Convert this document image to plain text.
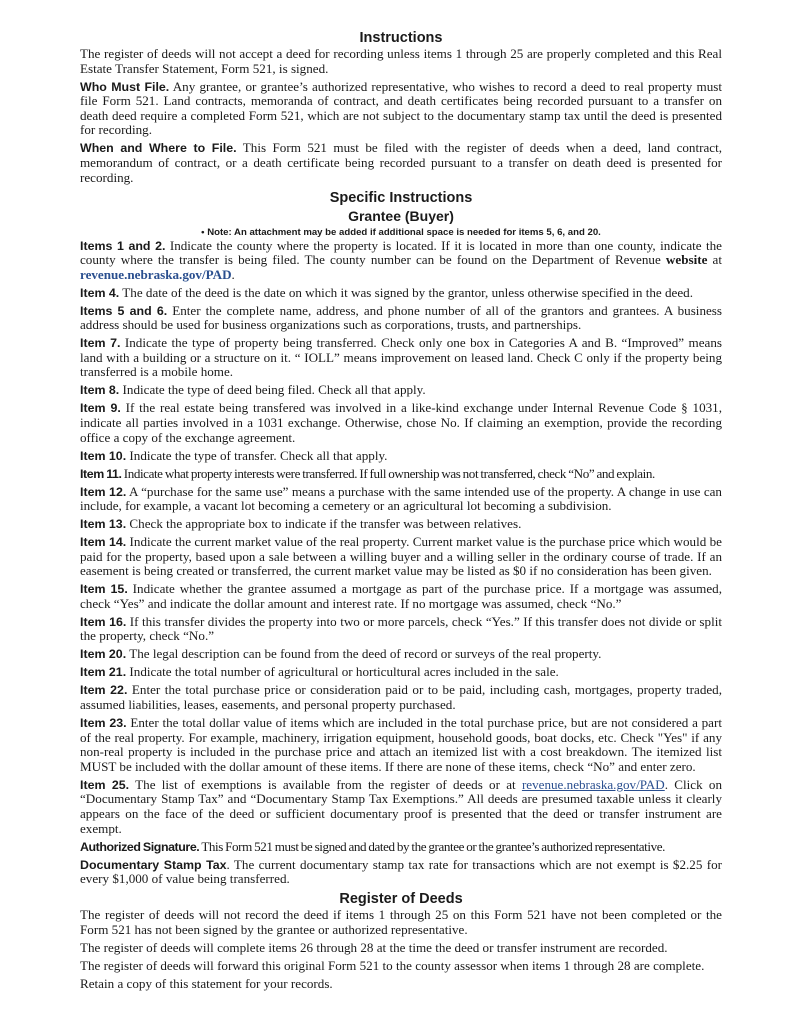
Instructions

The register of deeds will not accept a deed for recording unless items 1 through 25 are properly completed and this Real Estate Transfer Statement, Form 521, is signed.

Who Must File. Any grantee, or grantee’s authorized representative, who wishes to record a deed to real property must file Form 521. Land contracts, memoranda of contract, and death certificates being recorded pursuant to a transfer on death deed require a completed Form 521, which are not subject to the documentary stamp tax until the deed is presented for recording.

When and Where to File. This Form 521 must be filed with the register of deeds when a deed, land contract, memorandum of contract, or a death certificate being recorded pursuant to a transfer on death deed is presented for recording.

Specific Instructions
Grantee (Buyer)
• Note: An attachment may be added if additional space is needed for items 5, 6, and 20.

Items 1 and 2. Indicate the county where the property is located. If it is located in more than one county, indicate the county where the transfer is being filed. The county number can be found on the Department of Revenue website at revenue.nebraska.gov/PAD.

Item 4. The date of the deed is the date on which it was signed by the grantor, unless otherwise specified in the deed.

Items 5 and 6. Enter the complete name, address, and phone number of all of the grantors and grantees. A business address should be used for business organizations such as corporations, trusts, and partnerships.

Item 7. Indicate the type of property being transferred. Check only one box in Categories A and B. “Improved” means land with a building or a structure on it. “ IOLL” means improvement on leased land. Check C only if the property being transferred is a mobile home.

Item 8. Indicate the type of deed being filed. Check all that apply.

Item 9. If the real estate being transfered was involved in a like-kind exchange under Internal Revenue Code § 1031, indicate all parties involved in a 1031 exchange. Otherwise, chose No. If claiming an exemption, provide the recording office a copy of the exchange agreement.

Item 10. Indicate the type of transfer. Check all that apply.

Item 11. Indicate what property interests were transferred. If full ownership was not transferred, check “No” and explain.

Item 12. A “purchase for the same use” means a purchase with the same intended use of the property. A change in use can include, for example, a vacant lot becoming a cemetery or an agricultural lot becoming a subdivision.

Item 13. Check the appropriate box to indicate if the transfer was between relatives.

Item 14. Indicate the current market value of the real property. Current market value is the purchase price which would be paid for the property, based upon a sale between a willing buyer and a willing seller in the ordinary course of trade. If an easement is being created or transferred, the current market value may be listed as $0 if no consideration has been given.

Item 15. Indicate whether the grantee assumed a mortgage as part of the purchase price. If a mortgage was assumed, check “Yes” and indicate the dollar amount and interest rate. If no mortgage was assumed, check “No.”

Item 16. If this transfer divides the property into two or more parcels, check “Yes.” If this transfer does not divide or split the property, check “No.”

Item 20. The legal description can be found from the deed of record or surveys of the real property.

Item 21. Indicate the total number of agricultural or horticultural acres included in the sale.

Item 22. Enter the total purchase price or consideration paid or to be paid, including cash, mortgages, property traded, assumed liabilities, leases, easements, and personal property purchased.

Item 23. Enter the total dollar value of items which are included in the total purchase price, but are not considered a part of the real property. For example, machinery, irrigation equipment, household goods, boat docks, etc. Check "Yes" if any non-real property is included in the purchase price and attach an itemized list with a cost breakdown. The itemized list MUST be included with the dollar amount of these items. If there are none of these items, check “No” and enter zero.

Item 25. The list of exemptions is available from the register of deeds or at revenue.nebraska.gov/PAD. Click on “Documentary Stamp Tax” and “Documentary Stamp Tax Exemptions.” All deeds are presumed taxable unless it clearly appears on the face of the deed or sufficient documentary proof is presented that the deed or transfer instrument are exempt.

Authorized Signature. This Form 521 must be signed and dated by the grantee or the grantee’s authorized representative.

Documentary Stamp Tax. The current documentary stamp tax rate for transactions which are not exempt is $2.25 for every $1,000 of value being transferred.

Register of Deeds

The register of deeds will not record the deed if items 1 through 25 on this Form 521 have not been completed or the Form 521 has not been signed by the grantee or authorized representative.

The register of deeds will complete items 26 through 28 at the time the deed or transfer instrument are recorded.

The register of deeds will forward this original Form 521 to the county assessor when items 1 through 28 are complete.

Retain a copy of this statement for your records.
